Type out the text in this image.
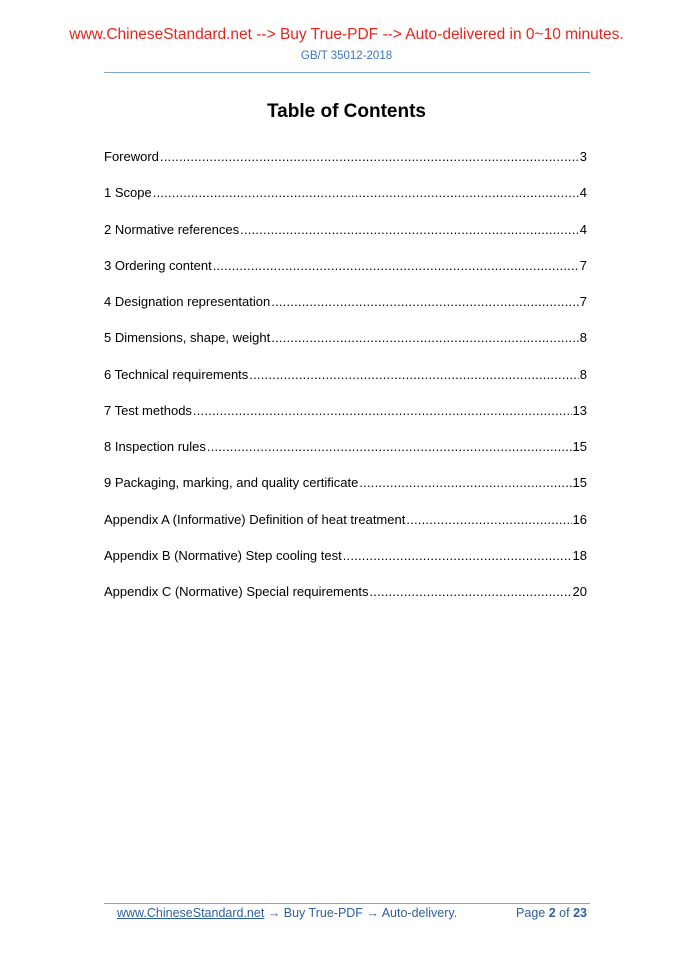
www.ChineseStandard.net --> Buy True-PDF --> Auto-delivered in 0~10 minutes.
GB/T 35012-2018
Table of Contents
Foreword .....	3
1 Scope .....	4
2 Normative references .....	4
3 Ordering content .....	7
4 Designation representation .....	7
5 Dimensions, shape, weight .....	8
6 Technical requirements .....	8
7 Test methods .....	13
8 Inspection rules .....	15
9 Packaging, marking, and quality certificate .....	15
Appendix A (Informative) Definition of heat treatment .....	16
Appendix B (Normative) Step cooling test .....	18
Appendix C (Normative) Special requirements .....	20
www.ChineseStandard.net → Buy True-PDF → Auto-delivery.	Page 2 of 23
